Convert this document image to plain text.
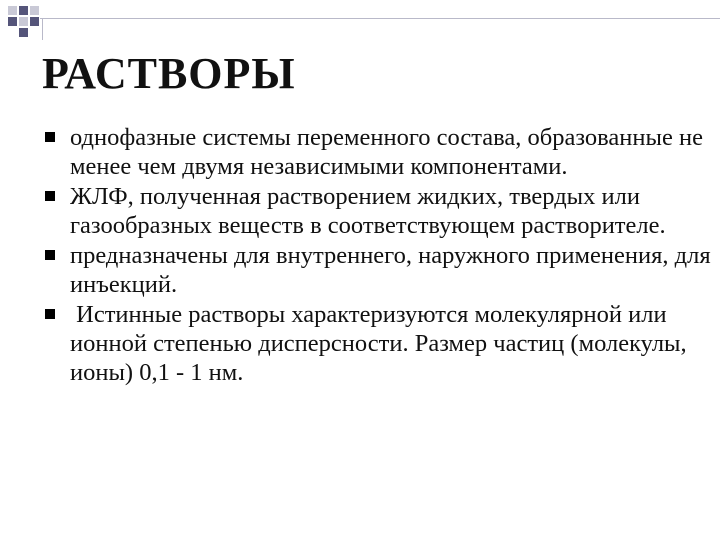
РАСТВОРЫ
однофазные системы переменного состава, образованные не менее чем двумя независимыми компонентами.
ЖЛФ, полученная растворением жидких, твердых или газообразных веществ в соответствующем растворителе.
предназначены для внутреннего, наружного применения, для инъекций.
Истинные растворы характеризуются молекулярной или ионной степенью дисперсности. Размер частиц (молекулы, ионы) 0,1 - 1 нм.
